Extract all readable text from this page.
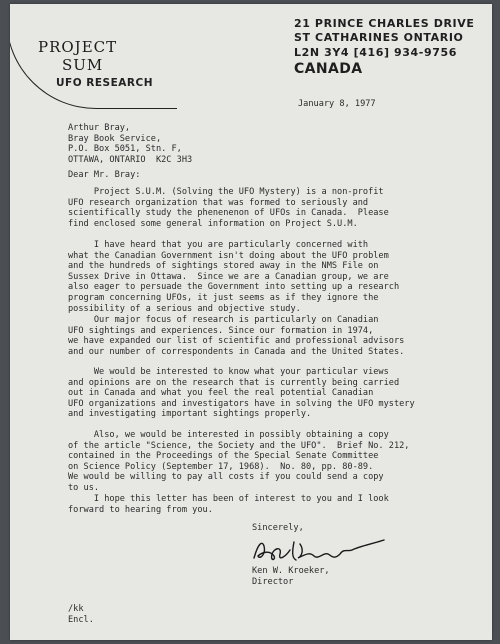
PROJECT
SUM
UFO RESEARCH
21 PRINCE CHARLES DRIVE
ST CATHARINES ONTARIO
L2N 3Y4 [416] 934-9756
CANADA
January 8, 1977
Arthur Bray,
Bray Book Service,
P.O. Box 5051, Stn. F,
OTTAWA, ONTARIO  K2C 3H3
Dear Mr. Bray:
Project S.U.M. (Solving the UFO Mystery) is a non-profit
UFO research organization that was formed to seriously and
scientifically study the phenenenon of UFOs in Canada.  Please
find enclosed some general information on Project S.U.M.
I have heard that you are particularly concerned with
what the Canadian Government isn't doing about the UFO problem
and the hundreds of sightings stored away in the NMS File on
Sussex Drive in Ottawa.  Since we are a Canadian group, we are
also eager to persuade the Government into setting up a research
program concerning UFOs, it just seems as if they ignore the
possibility of a serious and objective study.
Our major focus of research is particularly on Canadian
UFO sightings and experiences. Since our formation in 1974,
we have expanded our list of scientific and professional advisors
and our number of correspondents in Canada and the United States.
We would be interested to know what your particular views
and opinions are on the research that is currently being carried
out in Canada and what you feel the real potential Canadian
UFO organizations and investigators have in solving the UFO mystery
and investigating important sightings properly.
Also, we would be interested in possibly obtaining a copy
of the article "Science, the Society and the UFO".  Brief No. 212,
contained in the Proceedings of the Special Senate Committee
on Science Policy (September 17, 1968).  No. 80, pp. 80-89.
We would be willing to pay all costs if you could send a copy
to us.
I hope this letter has been of interest to you and I look
forward to hearing from you.
Sincerely,
Ken W. Kroeker,
Director
/kk
Encl.
